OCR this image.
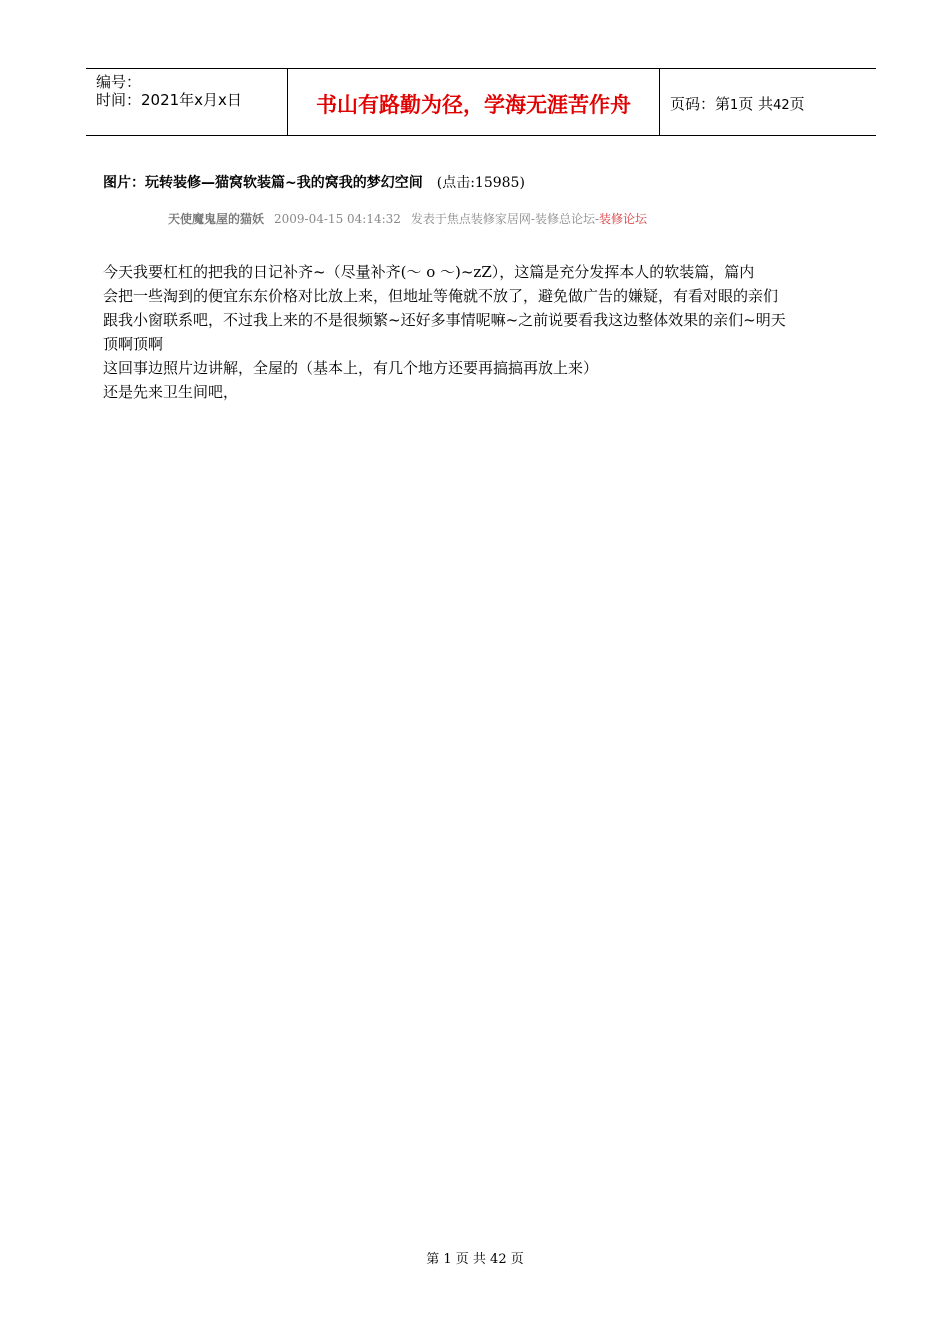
编号：
时间：2021年x月x日	书山有路勤为径，学海无涯苦作舟	页码：第1页 共42页
图片：玩转装修—猫窝软装篇~我的窝我的梦幻空间 (点击:15985)
天使魔鬼屋的猫妖 2009-04-15 04:14:32 发表于焦点装修家居网-装修总论坛-装修论坛

今天我要杠杠的把我的日记补齐~（尽量补齐(～ o ～)~zZ），这篇是充分发挥本人的软装篇，篇内

会把一些淘到的便宜东东价格对比放上来，但地址等俺就不放了，避免做广告的嫌疑，有看对眼的亲们

跟我小窗联系吧，不过我上来的不是很频繁~还好多事情呢嘛~之前说要看我这边整体效果的亲们~明天

顶啊顶啊

这回事边照片边讲解，全屋的（基本上，有几个地方还要再搞搞再放上来）

还是先来卫生间吧，

第 1 页 共 42 页
